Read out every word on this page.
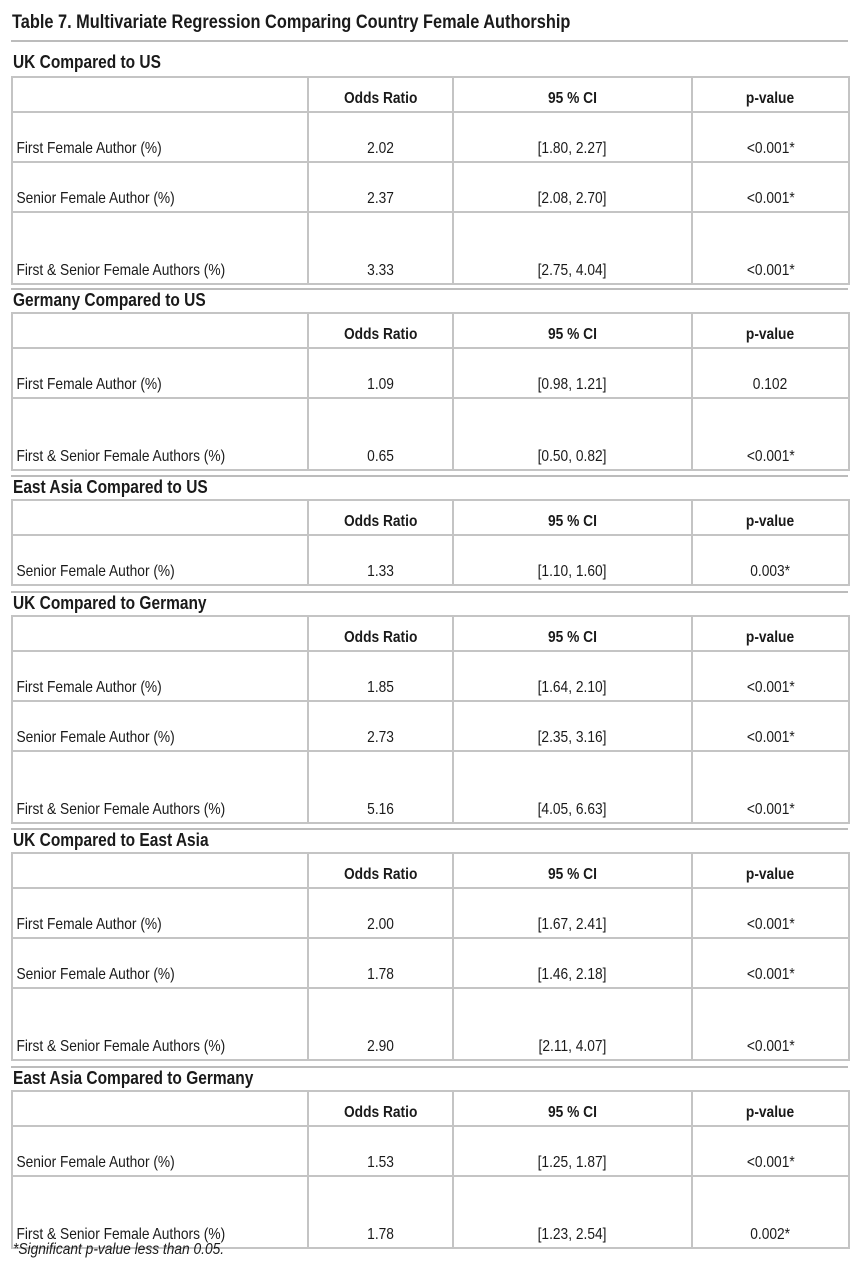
Table 7. Multivariate Regression Comparing Country Female Authorship
UK Compared to US
	Odds Ratio	95 % CI	p-value
First Female Author (%)	2.02	[1.80, 2.27]	<0.001*
Senior Female Author (%)	2.37	[2.08, 2.70]	<0.001*
First & Senior Female Authors (%)	3.33	[2.75, 4.04]	<0.001*
Germany Compared to US
	Odds Ratio	95 % CI	p-value
First Female Author (%)	1.09	[0.98, 1.21]	0.102
First & Senior Female Authors (%)	0.65	[0.50, 0.82]	<0.001*
East Asia Compared to US
	Odds Ratio	95 % CI	p-value
Senior Female Author (%)	1.33	[1.10, 1.60]	0.003*
UK Compared to Germany
	Odds Ratio	95 % CI	p-value
First Female Author (%)	1.85	[1.64, 2.10]	<0.001*
Senior Female Author (%)	2.73	[2.35, 3.16]	<0.001*
First & Senior Female Authors (%)	5.16	[4.05, 6.63]	<0.001*
UK Compared to East Asia
	Odds Ratio	95 % CI	p-value
First Female Author (%)	2.00	[1.67, 2.41]	<0.001*
Senior Female Author (%)	1.78	[1.46, 2.18]	<0.001*
First & Senior Female Authors (%)	2.90	[2.11, 4.07]	<0.001*
East Asia Compared to Germany
	Odds Ratio	95 % CI	p-value
Senior Female Author (%)	1.53	[1.25, 1.87]	<0.001*
First & Senior Female Authors (%)	1.78	[1.23, 2.54]	0.002*
*Significant p-value less than 0.05.
